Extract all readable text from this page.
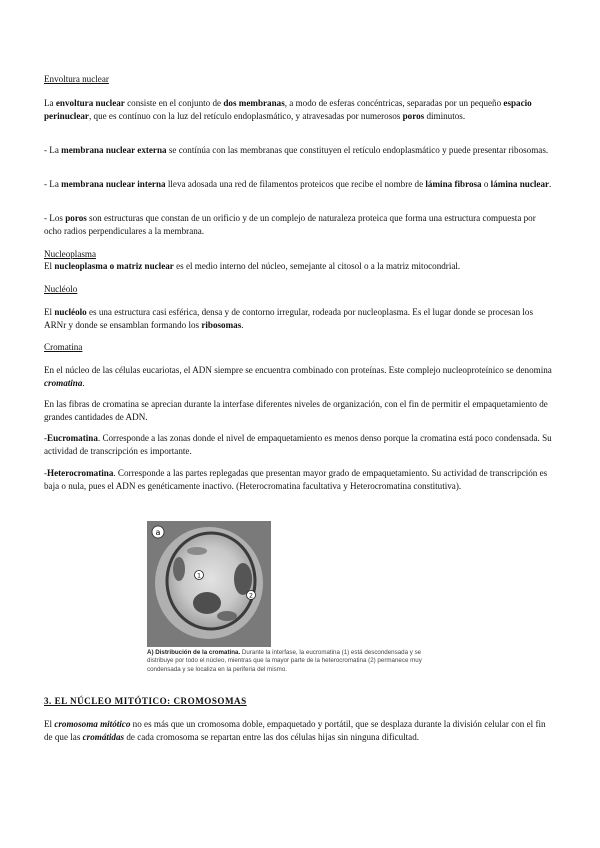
Envoltura nuclear
La envoltura nuclear consiste en el conjunto de dos membranas, a modo de esferas concéntricas, separadas por un pequeño espacio perinuclear, que es contínuo con la luz del retículo endoplasmático, y atravesadas por numerosos poros diminutos.
- La membrana nuclear externa se contínúa con las membranas que constituyen el retículo endoplasmático y puede presentar ribosomas.
- La membrana nuclear interna lleva adosada una red de filamentos proteicos que recibe el nombre de lámina fibrosa o lámina nuclear.
- Los poros son estructuras que constan de un orificio y de un complejo de naturaleza proteica que forma una estructura compuesta por ocho radios perpendiculares a la membrana.
Nucleoplasma
El nucleoplasma o matriz nuclear es el medio interno del núcleo, semejante al citosol o a la matriz mitocondrial.
Nucléolo
El nucléolo es una estructura casi esférica, densa y de contorno irregular, rodeada por nucleoplasma. Es el lugar donde se procesan los ARNr y donde se ensamblan formando los ribosomas.
Cromatina
En el núcleo de las células eucariotas, el ADN siempre se encuentra combinado con proteínas. Este complejo nucleoproteínico se denomina cromatina.
En las fibras de cromatina se aprecian durante la interfase diferentes niveles de organización, con el fin de permitir el empaquetamiento de grandes cantidades de ADN.
-Eucromatina. Corresponde a las zonas donde el nivel de empaquetamiento es menos denso porque la cromatina está poco condensada. Su actividad de transcripción es importante.
-Heterocromatina. Corresponde a las partes replegadas que presentan mayor grado de empaquetamiento. Su actividad de transcripción es baja o nula, pues el ADN es genéticamente inactivo. (Heterocromatina facultativa y Heterocromatina constitutiva).
a
1
2
A) Distribución de la cromatina. Durante la interfase, la eucromatina (1) está descondensada y se distribuye por todo el núcleo, mientras que la mayor parte de la heterocromatina (2) permanece muy condensada y se localiza en la periferia del mismo.
3. EL NÚCLEO MITÓTICO: CROMOSOMAS
El cromosoma mitótico no es más que un cromosoma doble, empaquetado y portátil, que se desplaza durante la división celular con el fin de que las cromátidas de cada cromosoma se repartan entre las dos células hijas sin ninguna dificultad.
